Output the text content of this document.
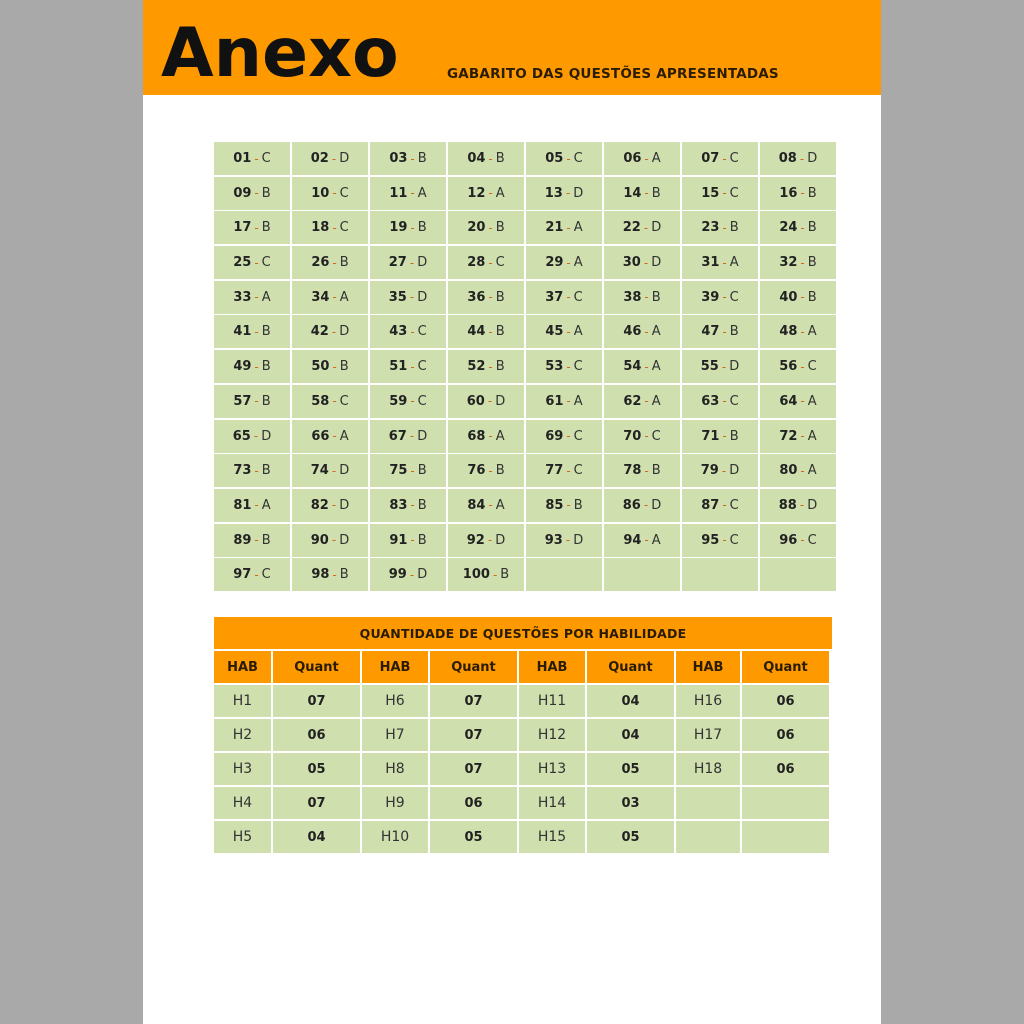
Anexo	GABARITO DAS QUESTÕES APRESENTADAS
01 - C	02 - D	03 - B	04 - B	05 - C	06 - A	07 - C	08 - D
09 - B	10 - C	11 - A	12 - A	13 - D	14 - B	15 - C	16 - B
17 - B	18 - C	19 - B	20 - B	21 - A	22 - D	23 - B	24 - B
25 - C	26 - B	27 - D	28 - C	29 - A	30 - D	31 - A	32 - B
33 - A	34 - A	35 - D	36 - B	37 - C	38 - B	39 - C	40 - B
41 - B	42 - D	43 - C	44 - B	45 - A	46 - A	47 - B	48 - A
49 - B	50 - B	51 - C	52 - B	53 - C	54 - A	55 - D	56 - C
57 - B	58 - C	59 - C	60 - D	61 - A	62 - A	63 - C	64 - A
65 - D	66 - A	67 - D	68 - A	69 - C	70 - C	71 - B	72 - A
73 - B	74 - D	75 - B	76 - B	77 - C	78 - B	79 - D	80 - A
81 - A	82 - D	83 - B	84 - A	85 - B	86 - D	87 - C	88 - D
89 - B	90 - D	91 - B	92 - D	93 - D	94 - A	95 - C	96 - C
97 - C	98 - B	99 - D	100 - B
QUANTIDADE DE QUESTÕES POR HABILIDADE
HAB	Quant	HAB	Quant	HAB	Quant	HAB	Quant
H1	07	H6	07	H11	04	H16	06
H2	06	H7	07	H12	04	H17	06
H3	05	H8	07	H13	05	H18	06
H4	07	H9	06	H14	03
H5	04	H10	05	H15	05
